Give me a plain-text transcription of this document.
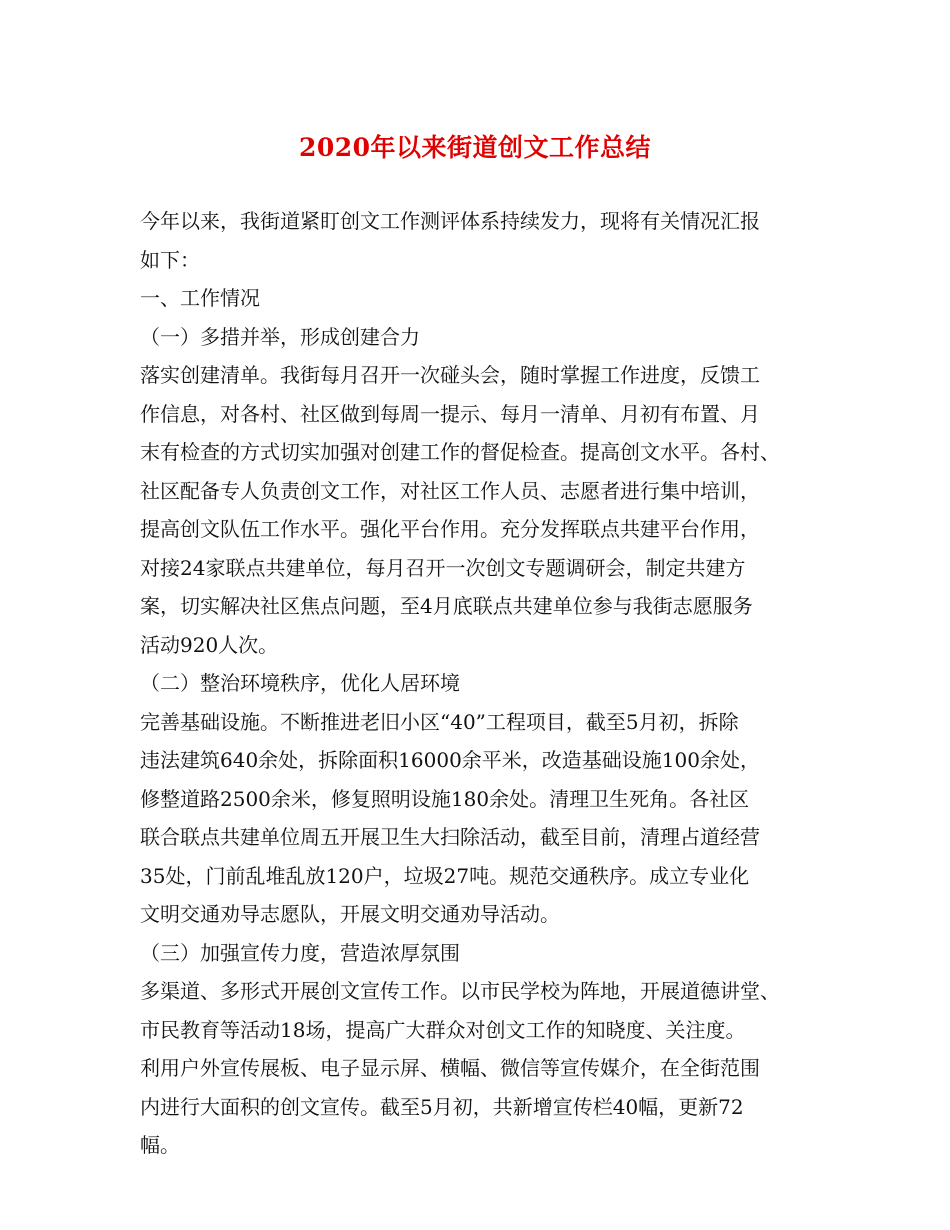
2020年以来街道创文工作总结
今年以来，我街道紧盯创文工作测评体系持续发力，现将有关情况汇报
如下：
一、工作情况
（一）多措并举，形成创建合力
落实创建清单。我街每月召开一次碰头会，随时掌握工作进度，反馈工
作信息，对各村、社区做到每周一提示、每月一清单、月初有布置、月
末有检查的方式切实加强对创建工作的督促检查。提高创文水平。各村、
社区配备专人负责创文工作，对社区工作人员、志愿者进行集中培训，
提高创文队伍工作水平。强化平台作用。充分发挥联点共建平台作用，
对接24家联点共建单位，每月召开一次创文专题调研会，制定共建方
案，切实解决社区焦点问题，至4月底联点共建单位参与我街志愿服务
活动920人次。
（二）整治环境秩序，优化人居环境
完善基础设施。不断推进老旧小区“40”工程项目，截至5月初，拆除
违法建筑640余处，拆除面积16000余平米，改造基础设施100余处，
修整道路2500余米，修复照明设施180余处。清理卫生死角。各社区
联合联点共建单位周五开展卫生大扫除活动，截至目前，清理占道经营
35处，门前乱堆乱放120户，垃圾27吨。规范交通秩序。成立专业化
文明交通劝导志愿队，开展文明交通劝导活动。
（三）加强宣传力度，营造浓厚氛围
多渠道、多形式开展创文宣传工作。以市民学校为阵地，开展道德讲堂、
市民教育等活动18场，提高广大群众对创文工作的知晓度、关注度。
利用户外宣传展板、电子显示屏、横幅、微信等宣传媒介，在全街范围
内进行大面积的创文宣传。截至5月初，共新增宣传栏40幅，更新72
幅。
